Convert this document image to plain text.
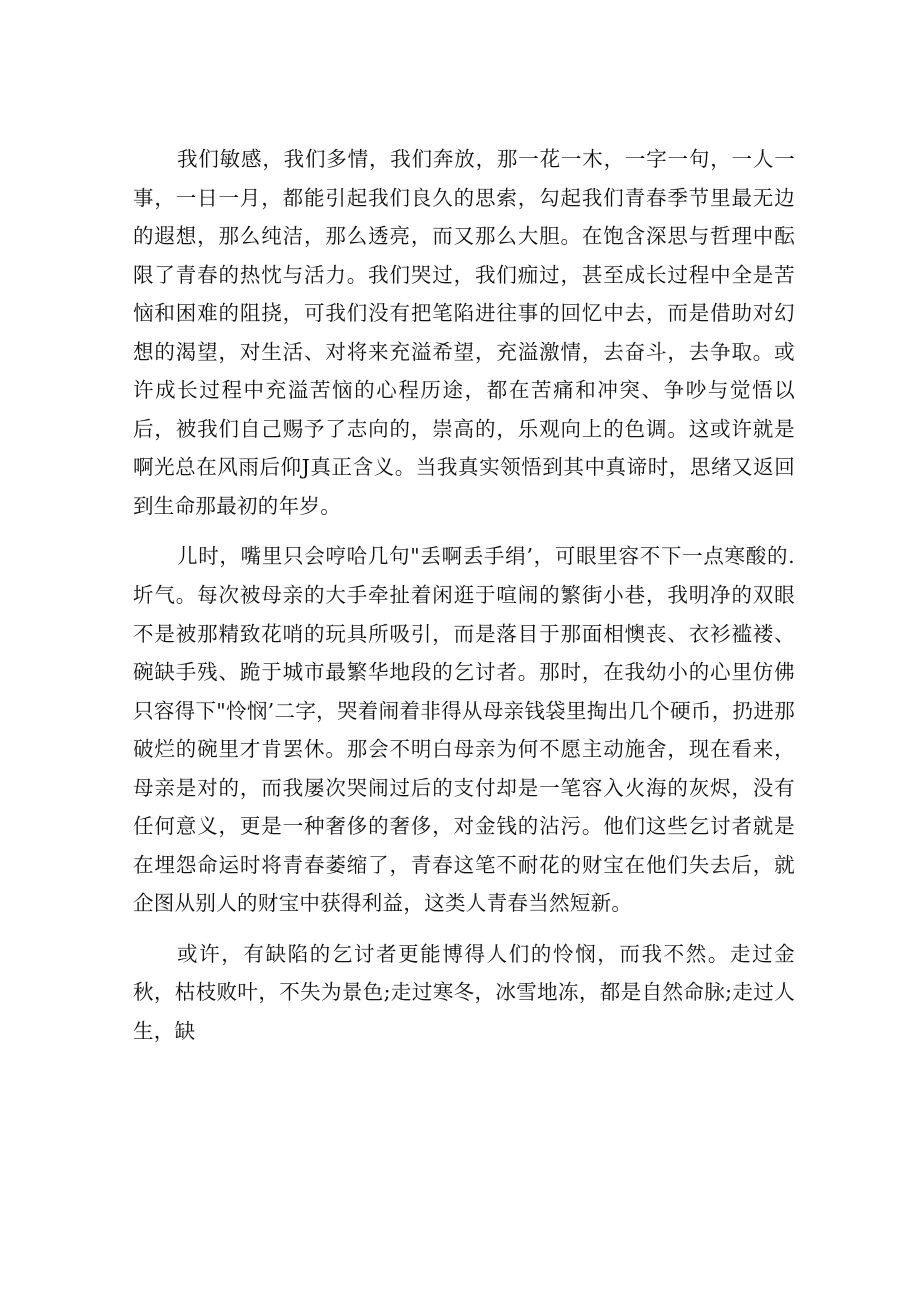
我们敏感，我们多情，我们奔放，那一花一木，一字一句，一人一事，一日一月，都能引起我们良久的思索，勾起我们青春季节里最无边的遐想，那么纯洁，那么透亮，而又那么大胆。在饱含深思与哲理中酝限了青春的热忱与活力。我们哭过，我们痂过，甚至成长过程中全是苦恼和困难的阻挠，可我们没有把笔陷进往事的回忆中去，而是借助对幻想的渴望，对生活、对将来充溢希望，充溢激情，去奋斗，去争取。或许成长过程中充溢苦恼的心程历途，都在苦痛和冲突、争吵与觉悟以后，被我们自己赐予了志向的，崇高的，乐观向上的色调。这或许就是啊光总在风雨后仰J真正含义。当我真实领悟到其中真谛时，思绪又返回到生命那最初的年岁。

儿时，嘴里只会哼哈几句"丢啊丢手绢’，可眼里容不下一点寒酸的.圻气。每次被母亲的大手牵扯着闲逛于喧闹的繁街小巷，我明净的双眼不是被那精致花哨的玩具所吸引，而是落目于那面相懊丧、衣衫褴褛、碗缺手残、跪于城市最繁华地段的乞讨者。那时，在我幼小的心里仿佛只容得下"怜悯’二字，哭着闹着非得从母亲钱袋里掏出几个硬币，扔进那破烂的碗里才肯罢休。那会不明白母亲为何不愿主动施舍，现在看来，母亲是对的，而我屡次哭闹过后的支付却是一笔容入火海的灰烬，没有任何意义，更是一种奢侈的奢侈，对金钱的沾污。他们这些乞讨者就是在埋怨命运时将青春萎缩了，青春这笔不耐花的财宝在他们失去后，就企图从别人的财宝中获得利益，这类人青春当然短新。

或许，有缺陷的乞讨者更能博得人们的怜悯，而我不然。走过金秋，枯枝败叶，不失为景色;走过寒冬，冰雪地冻，都是自然命脉;走过人生，缺
